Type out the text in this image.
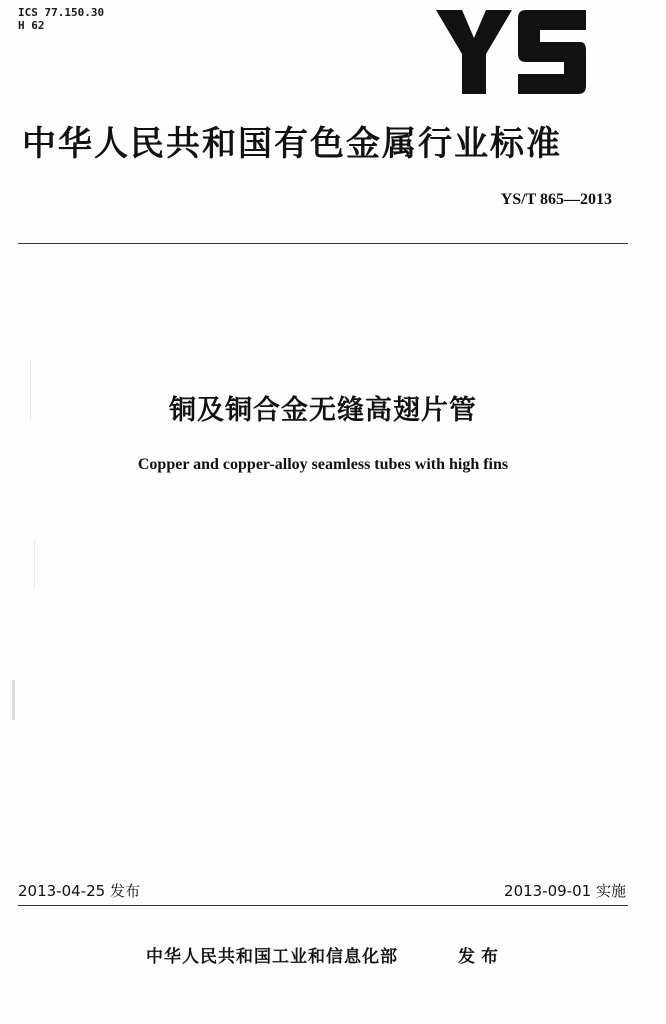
ICS 77.150.30
H 62
中华人民共和国有色金属行业标准
YS/T 865—2013
铜及铜合金无缝高翅片管
Copper and copper-alloy seamless tubes with high fins
2013-04-25 发布	2013-09-01 实施
中华人民共和国工业和信息化部	发布
